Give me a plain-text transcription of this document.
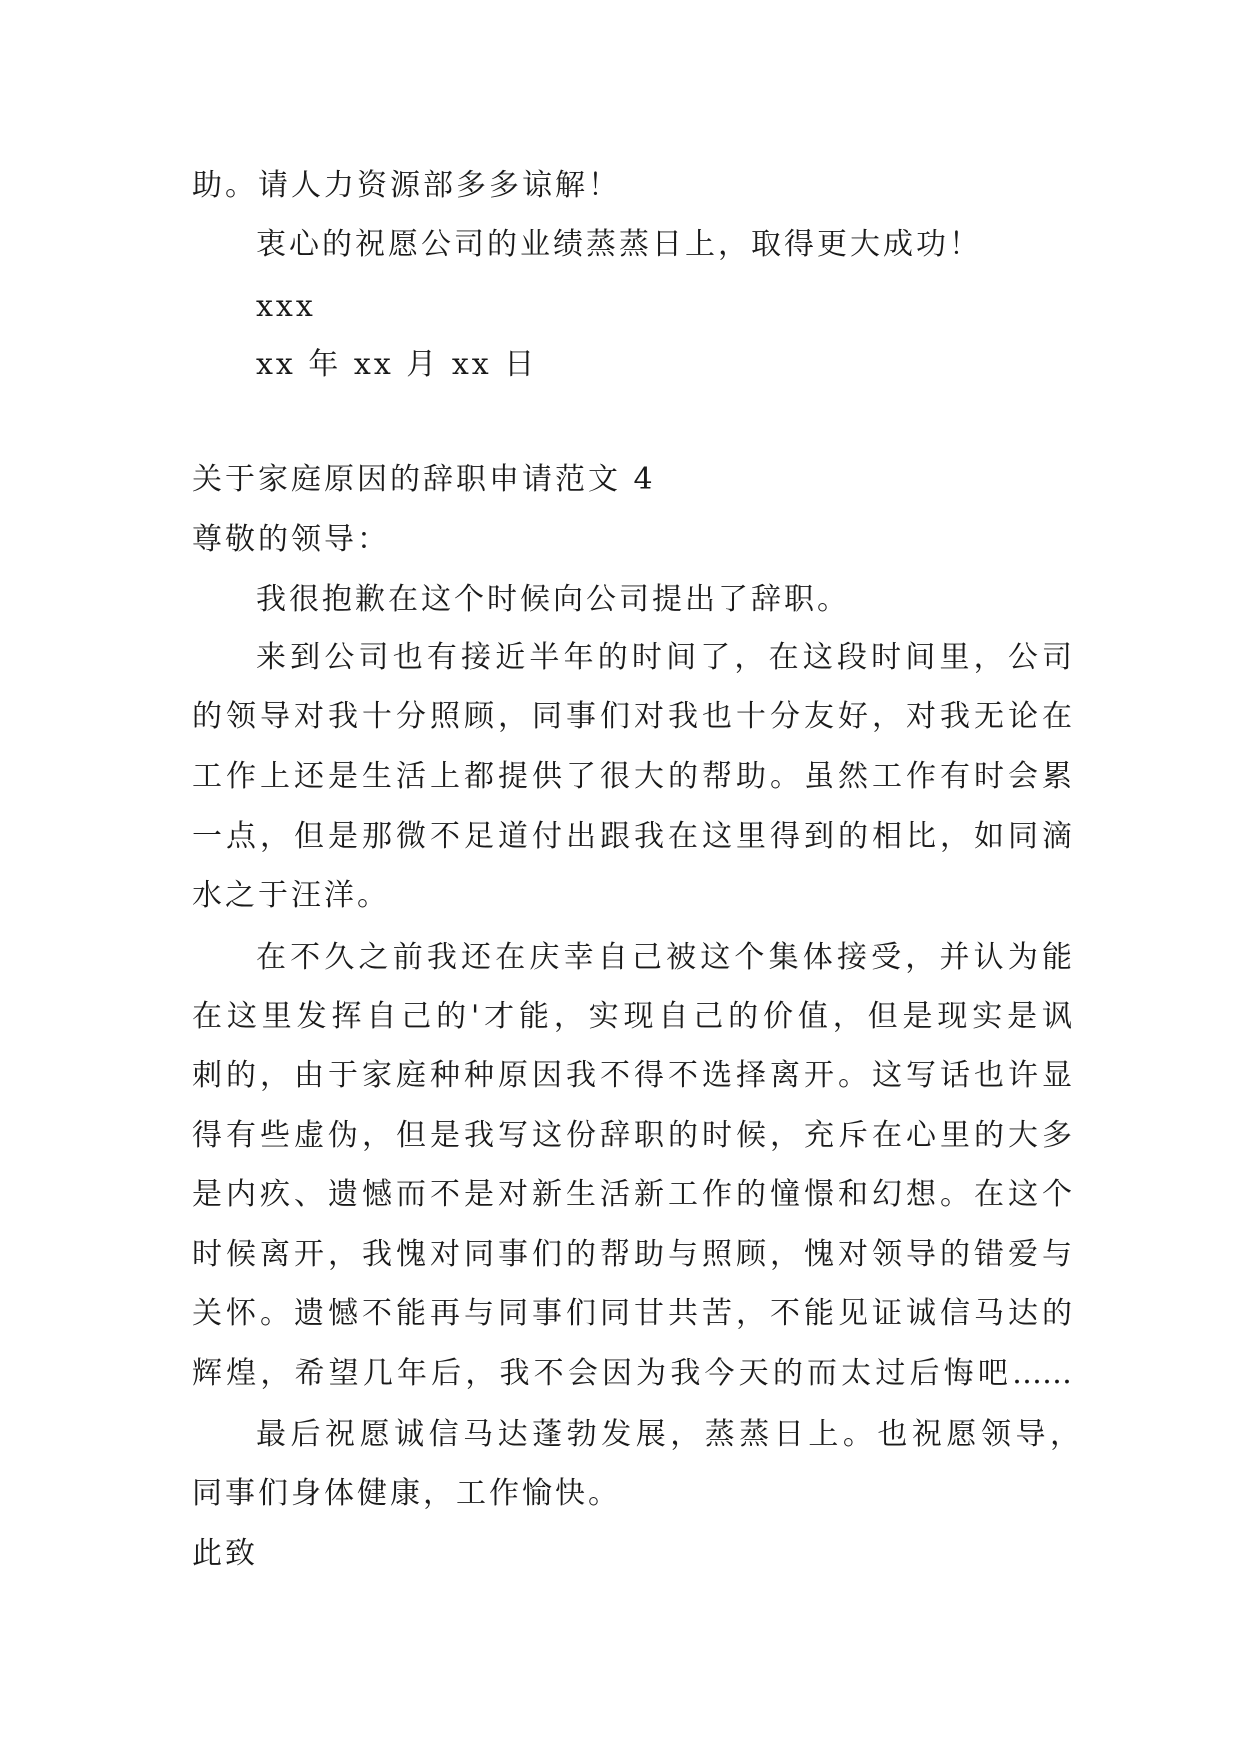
助。请人力资源部多多谅解！

衷心的祝愿公司的业绩蒸蒸日上，取得更大成功！

xxx

xx 年 xx 月 xx 日

关于家庭原因的辞职申请范文 4

尊敬的领导：

我很抱歉在这个时候向公司提出了辞职。

来到公司也有接近半年的时间了，在这段时间里，公司

的领导对我十分照顾，同事们对我也十分友好，对我无论在

工作上还是生活上都提供了很大的帮助。虽然工作有时会累

一点，但是那微不足道付出跟我在这里得到的相比，如同滴

水之于汪洋。

在不久之前我还在庆幸自己被这个集体接受，并认为能

在这里发挥自己的'才能，实现自己的价值，但是现实是讽

刺的，由于家庭种种原因我不得不选择离开。这写话也许显

得有些虚伪，但是我写这份辞职的时候，充斥在心里的大多

是内疚、遗憾而不是对新生活新工作的憧憬和幻想。在这个

时候离开，我愧对同事们的帮助与照顾，愧对领导的错爱与

关怀。遗憾不能再与同事们同甘共苦，不能见证诚信马达的

辉煌，希望几年后，我不会因为我今天的而太过后悔吧……

最后祝愿诚信马达蓬勃发展，蒸蒸日上。也祝愿领导，

同事们身体健康，工作愉快。

此致
